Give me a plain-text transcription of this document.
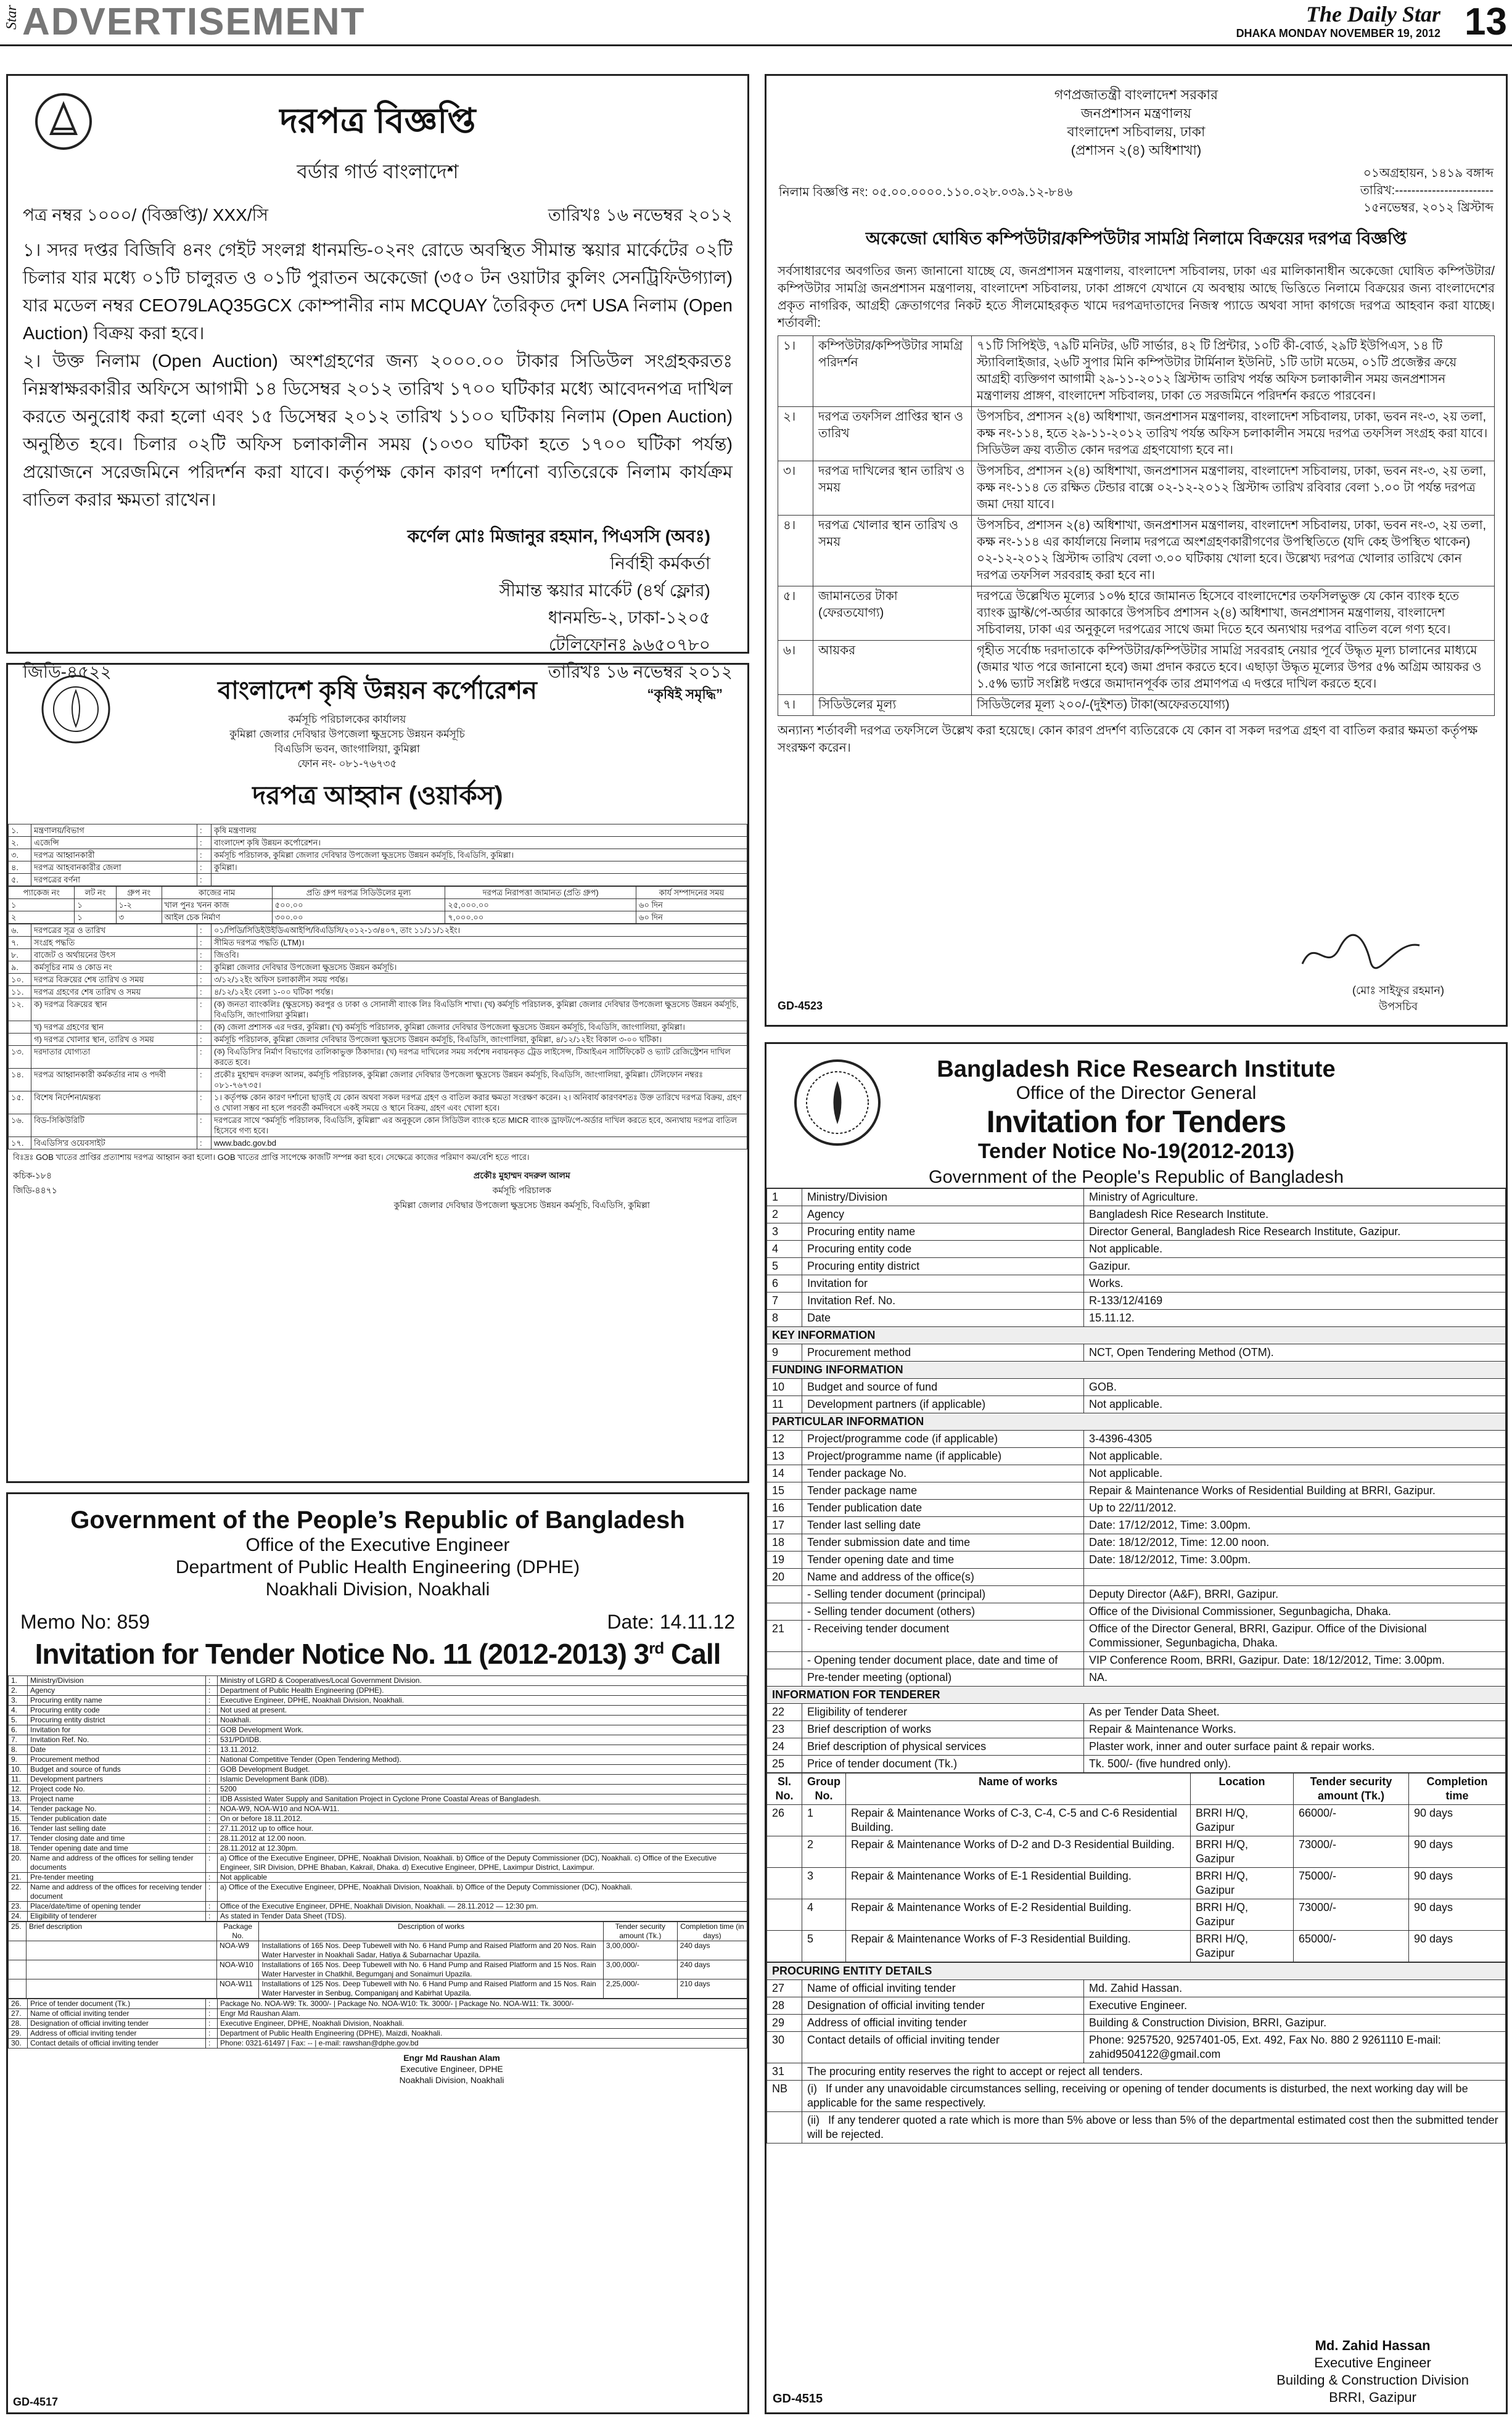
Star ADVERTISEMENT	The Daily Star
DHAKA MONDAY NOVEMBER 19, 2012 13
দরপত্র বিজ্ঞপ্তি
বর্ডার গার্ড বাংলাদেশ
পত্র নম্বর ১০০০/ (বিজ্ঞপ্তি)/ XXX/সি	তারিখঃ ১৬ নভেম্বর ২০১২
১। সদর দপ্তর বিজিবি ৪নং গেইট সংলগ্ন ধানমন্ডি-০২নং রোডে অবস্থিত সীমান্ত স্কয়ার মার্কেটের ০২টি চিলার যার মধ্যে ০১টি চালুরত ও ০১টি পুরাতন অকেজো (৩৫০ টন ওয়াটার কুলিং সেনট্রিফিউগ্যাল) যার মডেল নম্বর CEO79LAQ35GCX কোম্পানীর নাম MCQUAY তৈরিকৃত দেশ USA নিলাম (Open Auction) বিক্রয় করা হবে।
২। উক্ত নিলাম (Open Auction) অংশগ্রহণের জন্য ২০০০.০০ টাকার সিডিউল সংগ্রহকরতঃ নিম্নস্বাক্ষরকারীর অফিসে আগামী ১৪ ডিসেম্বর ২০১২ তারিখ ১৭০০ ঘটিকার মধ্যে আবেদনপত্র দাখিল করতে অনুরোধ করা হলো এবং ১৫ ডিসেম্বর ২০১২ তারিখ ১১০০ ঘটিকায় নিলাম (Open Auction) অনুষ্ঠিত হবে। চিলার ০২টি অফিস চলাকালীন সময় (১০৩০ ঘটিকা হতে ১৭০০ ঘটিকা পর্যন্ত) প্রয়োজনে সরেজমিনে পরিদর্শন করা যাবে। কর্তৃপক্ষ কোন কারণ দর্শানো ব্যতিরেকে নিলাম কার্যক্রম বাতিল করার ক্ষমতা রাখেন।
কর্ণেল মোঃ মিজানুর রহমান, পিএসসি (অবঃ)
নির্বাহী কর্মকর্তা
সীমান্ত স্কয়ার মার্কেট (৪র্থ ফ্লোর)
ধানমন্ডি-২, ঢাকা-১২০৫
টেলিফোনঃ ৯৬৫০৭৮০
জিডি-৪৫২২	তারিখঃ ১৬ নভেম্বর ২০১২
বাংলাদেশ কৃষি উন্নয়ন কর্পোরেশন	“কৃষিই সমৃদ্ধি”
কর্মসূচি পরিচালকের কার্যালয়
কুমিল্লা জেলার দেবিদ্বার উপজেলা ক্ষুদ্রসেচ উন্নয়ন কর্মসূচি
বিএডিসি ভবন, জাংগালিয়া, কুমিল্লা
ফোন নং- ০৮১-৭৬৭৩৫
দরপত্র আহ্বান (ওয়ার্কস)
১.	মন্ত্রণালয়/বিভাগ	:	কৃষি মন্ত্রণালয়
২.	এজেন্সি	:	বাংলাদেশ কৃষি উন্নয়ন কর্পোরেশন।
৩.	দরপত্র আহ্বানকারী	:	কর্মসূচি পরিচালক, কুমিল্লা জেলার দেবিদ্বার উপজেলা ক্ষুদ্রসেচ উন্নয়ন কর্মসূচি, বিএডিসি, কুমিল্লা।
৪.	দরপত্র আহবানকারীর জেলা	:	কুমিল্লা।
৫.	দরপত্রের বর্ণনা	:	
প্যাকেজ নং	লট নং	গ্রুপ নং	কাজের নাম	প্রতি গ্রুপ দরপত্র সিডিউলের মূল্য	দরপত্র নিরাপত্তা জামানত (প্রতি গ্রুপ)	কার্য সম্পাদনের সময়
১	১	১-২	খাল পুনঃ খনন কাজ	৫০০.০০	২৫,০০০.০০	৬০ দিন
২	১	৩	আইল চেক নির্মাণ	৩০০.০০	৭,০০০.০০	৬০ দিন
৬.	দরপত্রের সূত্র ও তারিখ	:	০১/পিডি/সিডিইউইডিএআইপি/বিএডিসি/২০১২-১৩/৪০৭, তাং ১১/১১/১২ইং।
৭.	সংগ্রহ পদ্ধতি	:	সীমিত দরপত্র পদ্ধতি (LTM)।
৮.	বাজেট ও অর্থায়নের উৎস	:	জিওবি।
৯.	কর্মসূচির নাম ও কোড নং	:	কুমিল্লা জেলার দেবিদ্বার উপজেলা ক্ষুদ্রসেচ উন্নয়ন কর্মসূচি।
১০.	দরপত্র বিক্রয়ের শেষ তারিখ ও সময়	:	৩/১২/১২ইং অফিস চলাকালীন সময় পর্যন্ত।
১১.	দরপত্র গ্রহণের শেষ তারিখ ও সময়	:	৪/১২/১২ইং বেলা ১-০০ ঘটিকা পর্যন্ত।
১২.	ক) দরপত্র বিক্রয়ের স্থান	:	(ক) জনতা ব্যাংকলিঃ (ক্ষুদ্রসেচ) করপুর ও ঢাকা ও সোনালী ব্যাংক লিঃ বিএডিসি শাখা। (খ) কর্মসূচি পরিচালক, কুমিল্লা জেলার দেবিদ্বার উপজেলা ক্ষুদ্রসেচ উন্নয়ন কর্মসূচি, বিএডিসি, জাংগালিয়া কুমিল্লা।
	খ) দরপত্র গ্রহণের স্থান	:	(ক) জেলা প্রশাসক এর দপ্তর, কুমিল্লা। (খ) কর্মসূচি পরিচালক, কুমিল্লা জেলার দেবিদ্বার উপজেলা ক্ষুদ্রসেচ উন্নয়ন কর্মসূচি, বিএডিসি, জাংগালিয়া, কুমিল্লা।
	গ) দরপত্র খোলার স্থান, তারিখ ও সময়	:	কর্মসূচি পরিচালক, কুমিল্লা জেলার দেবিদ্বার উপজেলা ক্ষুদ্রসেচ উন্নয়ন কর্মসূচি, বিএডিসি, জাংগালিয়া, কুমিল্লা, ৪/১২/১২ইং বিকাল ৩-০০ ঘটিকা।
১৩.	দরদাতার যোগ্যতা	:	(ক) বিএডিসি'র নির্মাণ বিভাগের তালিকাভুক্ত ঠিকাদার। (খ) দরপত্র দাখিলের সময় সর্বশেষ নবায়নকৃত ট্রেড লাইসেন্স, টিআইএন সার্টিফিকেট ও ভ্যাট রেজিস্ট্রেশন দাখিল করতে হবে।
১৪.	দরপত্র আহ্বানকারী কর্মকর্তার নাম ও পদবী	:	প্রকৌঃ মুহাম্মদ বদরুল আলম, কর্মসূচি পরিচালক, কুমিল্লা জেলার দেবিদ্বার উপজেলা ক্ষুদ্রসেচ উন্নয়ন কর্মসূচি, বিএডিসি, জাংগালিয়া, কুমিল্লা। টেলিফোন নম্বরঃ ০৮১-৭৬৭৩৫।
১৫.	বিশেষ নির্দেশনা/মন্তব্য	:	১। কর্তৃপক্ষ কোন কারণ দর্শানো ছাড়াই যে কোন অথবা সকল দরপত্র গ্রহণ ও বাতিল করার ক্ষমতা সংরক্ষণ করেন। ২। অনিবার্য কারণবশতঃ উক্ত তারিখে দরপত্র বিক্রয়, গ্রহণ ও খোলা সম্ভব না হলে পরবর্তী কর্মদিবসে একই সময়ে ও স্থানে বিক্রয়, গ্রহণ এবং খোলা হবে।
১৬.	বিড-সিকিউরিটি	:	দরপত্রের সাথে “কর্মসূচি পরিচালক, বিএডিসি, কুমিল্লা” এর অনুকূলে কোন সিডিউল ব্যাংক হতে MICR ব্যাংক ড্রাফট/পে-অর্ডার দাখিল করতে হবে, অন্যথায় দরপত্র বাতিল হিসেবে গণ্য হবে।
১৭.	বিএডিসি'র ওয়েবসাইট	:	www.badc.gov.bd
বিঃদ্রঃ GOB খাতের প্রাপ্তির প্রত্যাশায় দরপত্র আহ্বান করা হলো। GOB খাতের প্রাপ্তি সাপেক্ষে কাজটি সম্পন্ন করা হবে। সেক্ষেত্রে কাজের পরিমাণ কম/বেশি হতে পারে।
কচিক-১৮৪
জিডি-৪৪৭১
প্রকৌঃ মুহাম্মদ বদরুল আলম
কর্মসূচি পরিচালক
কুমিল্লা জেলার দেবিদ্বার উপজেলা ক্ষুদ্রসেচ উন্নয়ন কর্মসূচি, বিএডিসি, কুমিল্লা
Government of the People’s Republic of Bangladesh
Office of the Executive Engineer
Department of Public Health Engineering (DPHE)
Noakhali Division, Noakhali
Memo No: 859	Date: 14.11.12
Invitation for Tender Notice No. 11 (2012-2013) 3rd Call
1.	Ministry/Division	:	Ministry of LGRD & Cooperatives/Local Government Division.
2.	Agency	:	Department of Public Health Engineering (DPHE).
3.	Procuring entity name	:	Executive Engineer, DPHE, Noakhali Division, Noakhali.
4.	Procuring entity code	:	Not used at present.
5.	Procuring entity district	:	Noakhali.
6.	Invitation for	:	GOB Development Work.
7.	Invitation Ref. No.	:	531/PD/IDB.
8.	Date	:	13.11.2012.
9.	Procurement method	:	National Competitive Tender (Open Tendering Method).
10.	Budget and source of funds	:	GOB Development Budget.
11.	Development partners	:	Islamic Development Bank (IDB).
12.	Project code No.	:	5200
13.	Project name	:	IDB Assisted Water Supply and Sanitation Project in Cyclone Prone Coastal Areas of Bangladesh.
14.	Tender package No.	:	NOA-W9, NOA-W10 and NOA-W11.
15.	Tender publication date	:	On or before 18.11.2012.
16.	Tender last selling date	:	27.11.2012 up to office hour.
17.	Tender closing date and time	:	28.11.2012 at 12.00 noon.
18.	Tender opening date and time	:	28.11.2012 at 12.30pm.
20.	Name and address of the offices for selling tender documents	:	a) Office of the Executive Engineer, DPHE, Noakhali Division, Noakhali. b) Office of the Deputy Commissioner (DC), Noakhali. c) Office of the Executive Engineer, SIR Division, DPHE Bhaban, Kakrail, Dhaka. d) Executive Engineer, DPHE, Laximpur District, Laximpur.
21.	Pre-tender meeting	:	Not applicable
22.	Name and address of the offices for receiving tender document	:	a) Office of the Executive Engineer, DPHE, Noakhali Division, Noakhali. b) Office of the Deputy Commissioner (DC), Noakhali.
23.	Place/date/time of opening tender	:	Office of the Executive Engineer, DPHE, Noakhali Division, Noakhali. — 28.11.2012 — 12:30 pm.
24.	Eligibility of tenderer	:	As stated in Tender Data Sheet (TDS).
25.	Brief description	Package No.	Description of works	Tender security amount (Tk.)	Completion time (in days)
		NOA-W9	Installations of 165 Nos. Deep Tubewell with No. 6 Hand Pump and Raised Platform and 20 Nos. Rain Water Harvester in Noakhali Sadar, Hatiya & Subarnachar Upazila.	3,00,000/-	240 days
		NOA-W10	Installations of 165 Nos. Deep Tubewell with No. 6 Hand Pump and Raised Platform and 15 Nos. Rain Water Harvester in Chatkhil, Begumganj and Sonaimuri Upazila.	3,00,000/-	240 days
		NOA-W11	Installations of 125 Nos. Deep Tubewell with No. 6 Hand Pump and Raised Platform and 15 Nos. Rain Water Harvester in Senbug, Companiganj and Kabirhat Upazila.	2,25,000/-	210 days
26.	Price of tender document (Tk.)	:	Package No. NOA-W9: Tk. 3000/- | Package No. NOA-W10: Tk. 3000/- | Package No. NOA-W11: Tk. 3000/-
27.	Name of official inviting tender	:	Engr Md Raushan Alam.
28.	Designation of official inviting tender	:	Executive Engineer, DPHE, Noakhali Division, Noakhali.
29.	Address of official inviting tender	:	Department of Public Health Engineering (DPHE), Maizdi, Noakhali.
30.	Contact details of official inviting tender	:	Phone: 0321-61497 | Fax: -- | e-mail: rawshan@dphe.gov.bd
Engr Md Raushan Alam
Executive Engineer, DPHE
Noakhali Division, Noakhali
GD-4517
গণপ্রজাতন্ত্রী বাংলাদেশ সরকার
জনপ্রশাসন মন্ত্রণালয়
বাংলাদেশ সচিবালয়, ঢাকা
(প্রশাসন ২(৪) অধিশাখা)
নিলাম বিজ্ঞপ্তি নং: ০৫.০০.০০০০.১১০.০২৮.০৩৯.১২-৮৪৬
০১অগ্রহায়ন, ১৪১৯ বঙ্গাব্দ
তারিখ:------------------------
১৫নভেম্বর, ২০১২ খ্রিস্টাব্দ
অকেজো ঘোষিত কম্পিউটার/কম্পিউটার সামগ্রি নিলামে বিক্রয়ের দরপত্র বিজ্ঞপ্তি
সর্বসাধারণের অবগতির জন্য জানানো যাচ্ছে যে, জনপ্রশাসন মন্ত্রণালয়, বাংলাদেশ সচিবালয়, ঢাকা এর মালিকানাধীন অকেজো ঘোষিত কম্পিউটার/কম্পিউটার সামগ্রি জনপ্রশাসন মন্ত্রণালয়, বাংলাদেশ সচিবালয়, ঢাকা প্রাঙ্গণে যেখানে যে অবস্থায় আছে ভিত্তিতে নিলামে বিক্রয়ের জন্য বাংলাদেশের প্রকৃত নাগরিক, আগ্রহী ক্রেতাগণের নিকট হতে সীলমোহরকৃত খামে দরপত্রদাতাদের নিজস্ব প্যাডে অথবা সাদা কাগজে দরপত্র আহবান করা যাচ্ছে। শর্তাবলী:
১।	কম্পিউটার/কম্পিউটার সামগ্রি পরিদর্শন	৭১টি সিপিইউ, ৭৯টি মনিটর, ৬টি সার্ভার, ৪২ টি প্রিন্টার, ১০টি কী-বোর্ড, ২৯টি ইউপিএস, ১৪ টি স্ট্যাবিলাইজার, ২৬টি সুপার মিনি কম্পিউটার টার্মিনাল ইউনিট, ১টি ডাটা মডেম, ০১টি প্রজেক্টর ক্রয়ে আগ্রহী ব্যক্তিগণ আগামী ২৯-১১-২০১২ খ্রিস্টাব্দ তারিখ পর্যন্ত অফিস চলাকালীন সময় জনপ্রশাসন মন্ত্রণালয় প্রাঙ্গণ, বাংলাদেশ সচিবালয়, ঢাকা তে সরজমিনে পরিদর্শন করতে পারবেন।
২।	দরপত্র তফসিল প্রাপ্তির স্থান ও তারিখ	উপসচিব, প্রশাসন ২(৪) অধিশাখা, জনপ্রশাসন মন্ত্রণালয়, বাংলাদেশ সচিবালয়, ঢাকা, ভবন নং-৩, ২য় তলা, কক্ষ নং-১১৪, হতে ২৯-১১-২০১২ তারিখ পর্যন্ত অফিস চলাকালীন সময়ে দরপত্র তফসিল সংগ্রহ করা যাবে। সিডিউল ক্রয় ব্যতীত কোন দরপত্র গ্রহণযোগ্য হবে না।
৩।	দরপত্র দাখিলের স্থান তারিখ ও সময়	উপসচিব, প্রশাসন ২(৪) অধিশাখা, জনপ্রশাসন মন্ত্রণালয়, বাংলাদেশ সচিবালয়, ঢাকা, ভবন নং-৩, ২য় তলা, কক্ষ নং-১১৪ তে রক্ষিত টেন্ডার বাক্সে ০২-১২-২০১২ খ্রিস্টাব্দ তারিখ রবিবার বেলা ১.০০ টা পর্যন্ত দরপত্র জমা দেয়া যাবে।
৪।	দরপত্র খোলার স্থান তারিখ ও সময়	উপসচিব, প্রশাসন ২(৪) অধিশাখা, জনপ্রশাসন মন্ত্রণালয়, বাংলাদেশ সচিবালয়, ঢাকা, ভবন নং-৩, ২য় তলা, কক্ষ নং-১১৪ এর কার্যালয়ে নিলাম দরপত্রে অংশগ্রহণকারীগণের উপস্থিতিতে (যদি কেহ উপস্থিত থাকেন) ০২-১২-২০১২ খ্রিস্টাব্দ তারিখ বেলা ৩.০০ ঘটিকায় খোলা হবে। উল্লেখ্য দরপত্র খোলার তারিখে কোন দরপত্র তফসিল সরবরাহ করা হবে না।
৫।	জামানতের টাকা (ফেরতযোগ্য)	দরপত্রে উল্লেখিত মূল্যের ১০% হারে জামানত হিসেবে বাংলাদেশের তফসিলভুক্ত যে কোন ব্যাংক হতে ব্যাংক ড্রাফ্ট/পে-অর্ডার আকারে উপসচিব প্রশাসন ২(৪) অধিশাখা, জনপ্রশাসন মন্ত্রণালয়, বাংলাদেশ সচিবালয়, ঢাকা এর অনুকূলে দরপত্রের সাথে জমা দিতে হবে অন্যথায় দরপত্র বাতিল বলে গণ্য হবে।
৬।	আয়কর	গৃহীত সর্বোচ্চ দরদাতাকে কম্পিউটার/কম্পিউটার সামগ্রি সরবরাহ নেয়ার পূর্বে উদ্ধৃত মূল্য চালানের মাধ্যমে (জমার খাত পরে জানানো হবে) জমা প্রদান করতে হবে। এছাড়া উদ্ধৃত মূল্যের উপর ৫% অগ্রিম আয়কর ও ১.৫% ভ্যাট সংশ্লিষ্ট দপ্তরে জমাদানপূর্বক তার প্রমাণপত্র এ দপ্তরে দাখিল করতে হবে।
৭।	সিডিউলের মূল্য	সিডিউলের মূল্য ২০০/-(দুইশত) টাকা(অফেরতযোগ্য)
অন্যান্য শর্তাবলী দরপত্র তফসিলে উল্লেখ করা হয়েছে। কোন কারণ প্রদর্শণ ব্যতিরেকে যে কোন বা সকল দরপত্র গ্রহণ বা বাতিল করার ক্ষমতা কর্তৃপক্ষ সংরক্ষণ করেন।
(মোঃ সাইফুর রহমান)
উপসচিব
GD-4523
Bangladesh Rice Research Institute
Office of the Director General
Invitation for Tenders
Tender Notice No-19(2012-2013)
Government of the People's Republic of Bangladesh
1	Ministry/Division	Ministry of Agriculture.
2	Agency	Bangladesh Rice Research Institute.
3	Procuring entity name	Director General, Bangladesh Rice Research Institute, Gazipur.
4	Procuring entity code	Not applicable.
5	Procuring entity district	Gazipur.
6	Invitation for	Works.
7	Invitation Ref. No.	R-133/12/4169
8	Date	15.11.12.
KEY INFORMATION		
9	Procurement method	NCT, Open Tendering Method (OTM).
FUNDING INFORMATION		
10	Budget and source of fund	GOB.
11	Development partners (if applicable)	Not applicable.
PARTICULAR INFORMATION		
12	Project/programme code (if applicable)	3-4396-4305
13	Project/programme name (if applicable)	Not applicable.
14	Tender package No.	Not applicable.
15	Tender package name	Repair & Maintenance Works of Residential Building at BRRI, Gazipur.
16	Tender publication date	Up to 22/11/2012.
17	Tender last selling date	Date: 17/12/2012, Time: 3.00pm.
18	Tender submission date and time	Date: 18/12/2012, Time: 12.00 noon.
19	Tender opening date and time	Date: 18/12/2012, Time: 3.00pm.
20	Name and address of the office(s)	
	- Selling tender document (principal)	Deputy Director (A&F), BRRI, Gazipur.
	- Selling tender document (others)	Office of the Divisional Commissioner, Segunbagicha, Dhaka.
21	- Receiving tender document	Office of the Director General, BRRI, Gazipur. Office of the Divisional Commissioner, Segunbagicha, Dhaka.
	- Opening tender document place, date and time of	VIP Conference Room, BRRI, Gazipur. Date: 18/12/2012, Time: 3.00pm.
	Pre-tender meeting (optional)	NA.
INFORMATION FOR TENDERER		
22	Eligibility of tenderer	As per Tender Data Sheet.
23	Brief description of works	Repair & Maintenance Works.
24	Brief description of physical services	Plaster work, inner and outer surface paint & repair works.
25	Price of tender document (Tk.)	Tk. 500/- (five hundred only).
Sl. No.	Group No.	Name of works	Location	Tender security amount (Tk.)	Completion time
26	1	Repair & Maintenance Works of C-3, C-4, C-5 and C-6 Residential Building.	BRRI H/Q, Gazipur	66000/-	90 days
	2	Repair & Maintenance Works of D-2 and D-3 Residential Building.	BRRI H/Q, Gazipur	73000/-	90 days
	3	Repair & Maintenance Works of E-1 Residential Building.	BRRI H/Q, Gazipur	75000/-	90 days
	4	Repair & Maintenance Works of E-2 Residential Building.	BRRI H/Q, Gazipur	73000/-	90 days
	5	Repair & Maintenance Works of F-3 Residential Building.	BRRI H/Q, Gazipur	65000/-	90 days
PROCURING ENTITY DETAILS		
27	Name of official inviting tender	Md. Zahid Hassan.
28	Designation of official inviting tender	Executive Engineer.
29	Address of official inviting tender	Building & Construction Division, BRRI, Gazipur.
30	Contact details of official inviting tender	Phone: 9257520, 9257401-05, Ext. 492, Fax No. 880 2 9261110 E-mail: zahid9504122@gmail.com
31	The procuring entity reserves the right to accept or reject all tenders.	
NB	(i) If under any unavoidable circumstances selling, receiving or opening of tender documents is disturbed, the next working day will be applicable for the same respectively.	
	(ii) If any tenderer quoted a rate which is more than 5% above or less than 5% of the departmental estimated cost then the submitted tender will be rejected.	
Md. Zahid Hassan
Executive Engineer
Building & Construction Division
BRRI, Gazipur
GD-4515
